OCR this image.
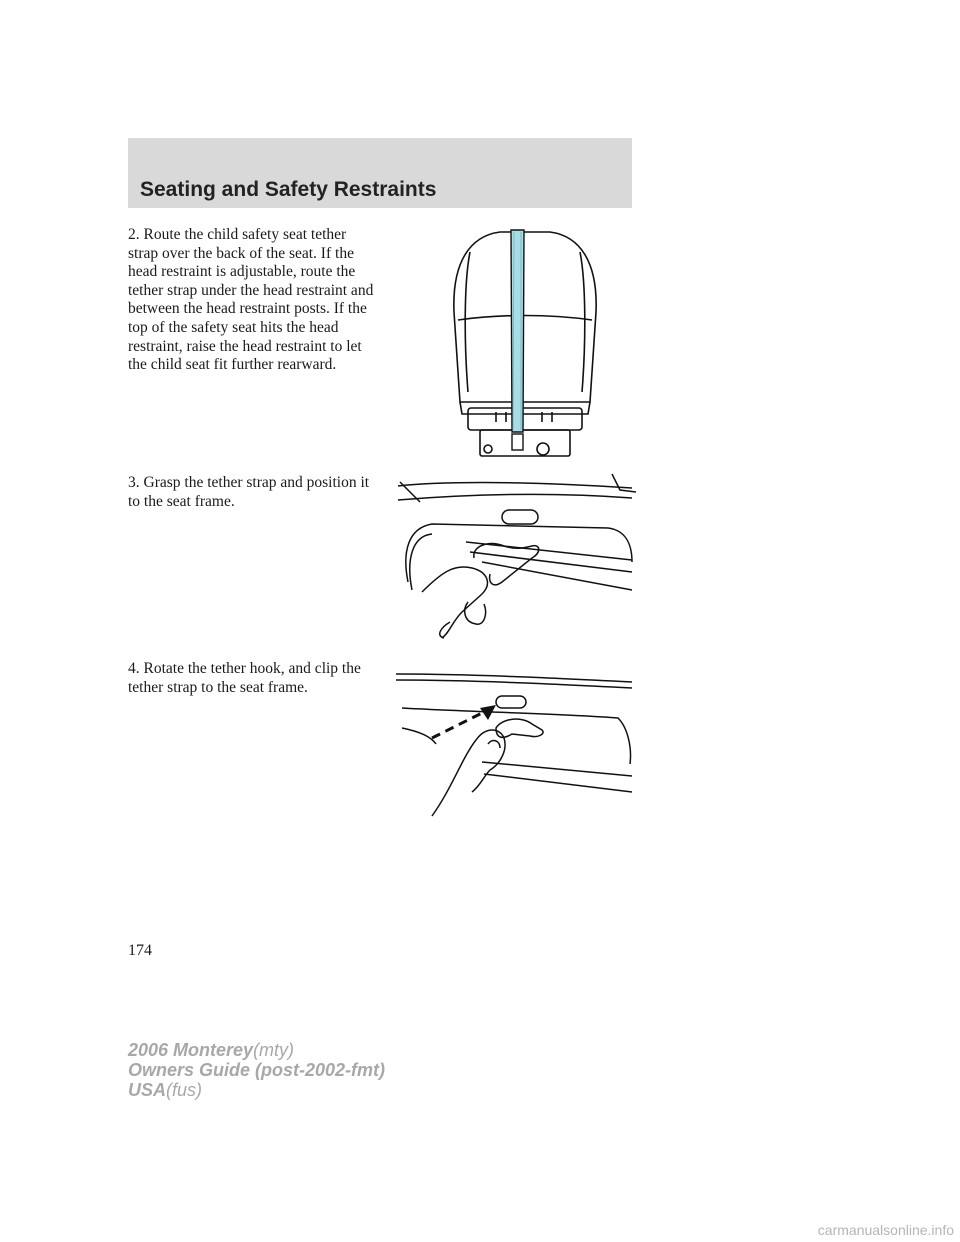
Seating and Safety Restraints
2. Route the child safety seat tether strap over the back of the seat. If the head restraint is adjustable, route the tether strap under the head restraint and between the head restraint posts. If the top of the safety seat hits the head restraint, raise the head restraint to let the child seat fit further rearward.
3. Grasp the tether strap and position it to the seat frame.
4. Rotate the tether hook, and clip the tether strap to the seat frame.
174
2006 Monterey(mty)
Owners Guide (post-2002-fmt)
USA(fus)
carmanualsonline.info
